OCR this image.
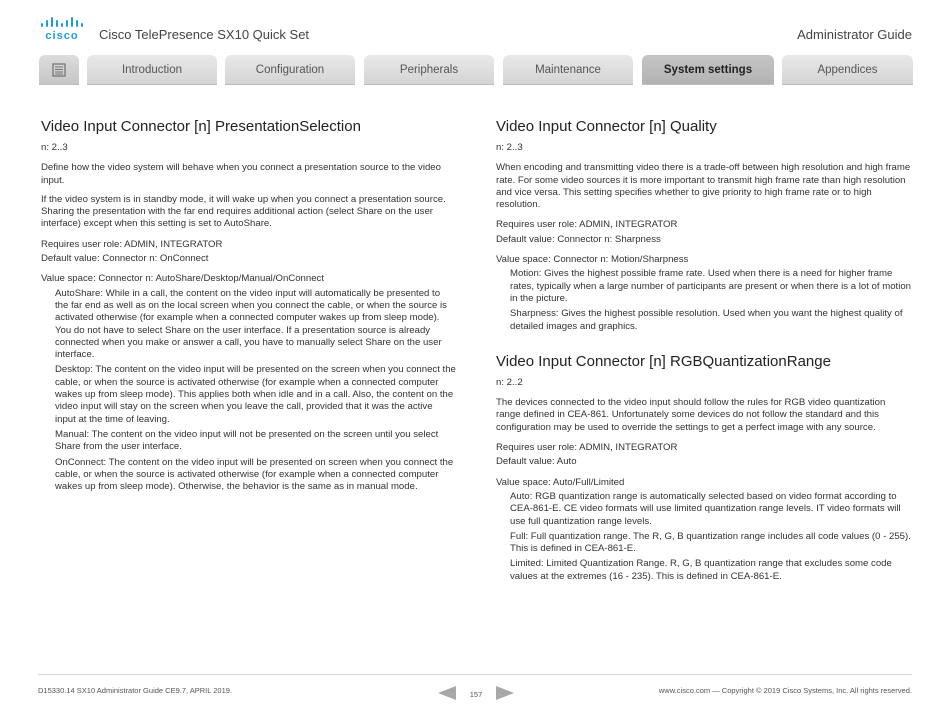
cisco Cisco TelePresence SX10 Quick Set	Administrator Guide
Introduction	Configuration	Peripherals	Maintenance	System settings	Appendices
Video Input Connector [n] PresentationSelection

n: 2..3

Define how the video system will behave when you connect a presentation source to the video input.

If the video system is in standby mode, it will wake up when you connect a presentation source. Sharing the presentation with the far end requires additional action (select Share on the user interface) except when this setting is set to AutoShare.

Requires user role: ADMIN, INTEGRATOR

Default value: Connector n: OnConnect

Value space: Connector n: AutoShare/Desktop/Manual/OnConnect

AutoShare: While in a call, the content on the video input will automatically be presented to the far end as well as on the local screen when you connect the cable, or when the source is activated otherwise (for example when a connected computer wakes up from sleep mode). You do not have to select Share on the user interface. If a presentation source is already connected when you make or answer a call, you have to manually select Share on the user interface.

Desktop: The content on the video input will be presented on the screen when you connect the cable, or when the source is activated otherwise (for example when a connected computer wakes up from sleep mode). This applies both when idle and in a call. Also, the content on the video input will stay on the screen when you leave the call, provided that it was the active input at the time of leaving.

Manual: The content on the video input will not be presented on the screen until you select Share from the user interface.

OnConnect: The content on the video input will be presented on screen when you connect the cable, or when the source is activated otherwise (for example when a connected computer wakes up from sleep mode). Otherwise, the behavior is the same as in manual mode.

Video Input Connector [n] Quality

n: 2..3

When encoding and transmitting video there is a trade-off between high resolution and high frame rate. For some video sources it is more important to transmit high frame rate than high resolution and vice versa. This setting specifies whether to give priority to high frame rate or to high resolution.

Requires user role: ADMIN, INTEGRATOR

Default value: Connector n: Sharpness

Value space: Connector n: Motion/Sharpness

Motion: Gives the highest possible frame rate. Used when there is a need for higher frame rates, typically when a large number of participants are present or when there is a lot of motion in the picture.

Sharpness: Gives the highest possible resolution. Used when you want the highest quality of detailed images and graphics.

Video Input Connector [n] RGBQuantizationRange

n: 2..2

The devices connected to the video input should follow the rules for RGB video quantization range defined in CEA-861. Unfortunately some devices do not follow the standard and this configuration may be used to override the settings to get a perfect image with any source.

Requires user role: ADMIN, INTEGRATOR

Default value: Auto

Value space: Auto/Full/Limited

Auto: RGB quantization range is automatically selected based on video format according to CEA-861-E. CE video formats will use limited quantization range levels. IT video formats will use full quantization range levels.

Full: Full quantization range. The R, G, B quantization range includes all code values (0 - 255). This is defined in CEA-861-E.

Limited: Limited Quantization Range. R, G, B quantization range that excludes some code values at the extremes (16 - 235). This is defined in CEA-861-E.

D15330.14 SX10 Administrator Guide CE9.7, APRIL 2019.	157	www.cisco.com — Copyright © 2019 Cisco Systems, Inc. All rights reserved.
